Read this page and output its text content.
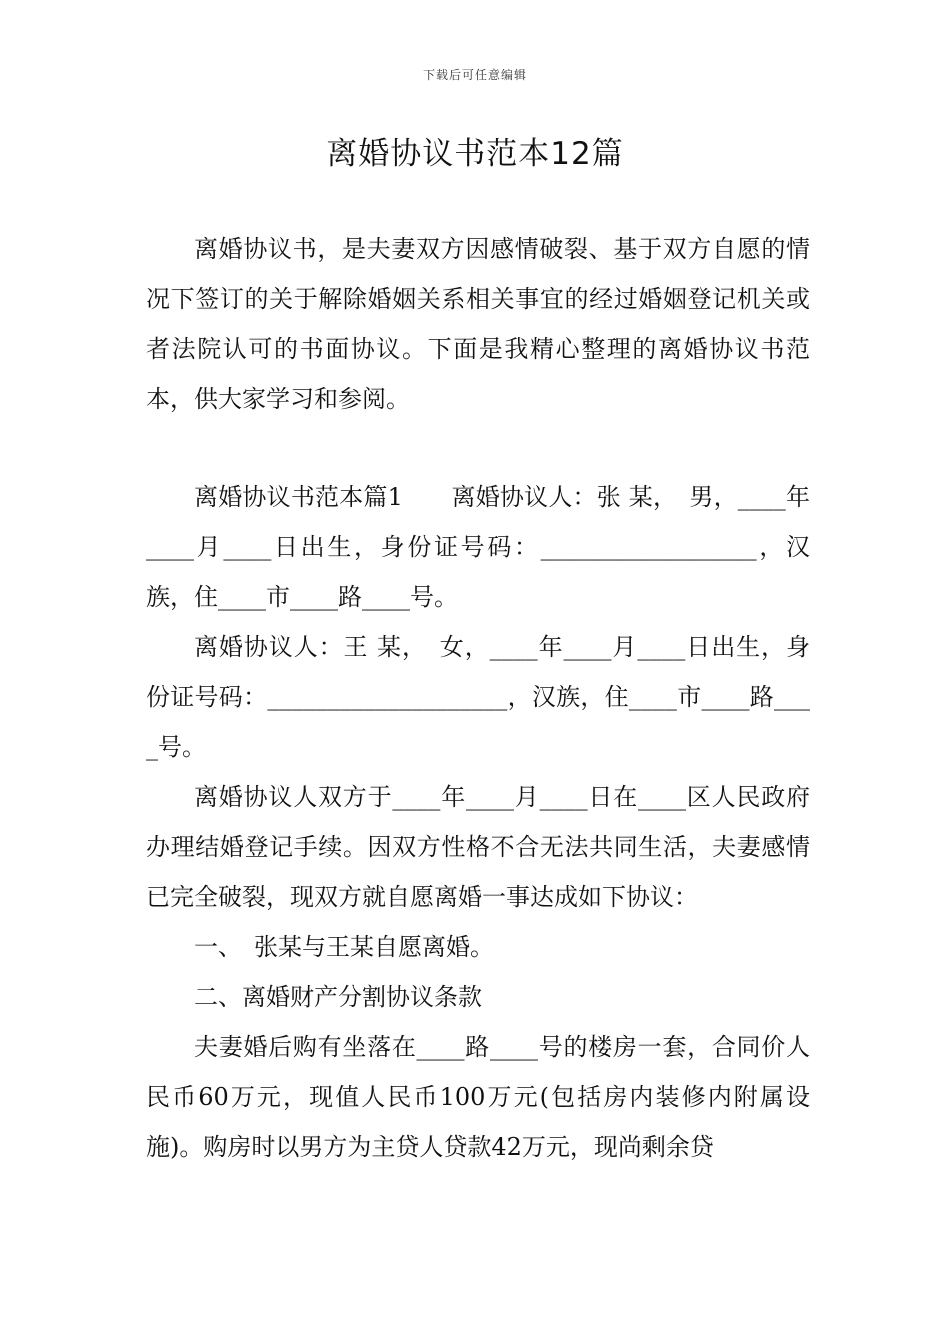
下载后可任意编辑
离婚协议书范本12篇

离婚协议书，是夫妻双方因感情破裂、基于双方自愿的情况下签订的关于解除婚姻关系相关事宜的经过婚姻登记机关或者法院认可的书面协议。下面是我精心整理的离婚协议书范本，供大家学习和参阅。

离婚协议书范本篇1　　离婚协议人：张 某，　男，____年____月____日出生，身份证号码：__________________，汉族，住____市____路____号。

离婚协议人：王 某，　女，____年____月____日出生，身份证号码：____________________，汉族，住____市____路____号。

离婚协议人双方于____年____月____日在____区人民政府办理结婚登记手续。因双方性格不合无法共同生活，夫妻感情已完全破裂，现双方就自愿离婚一事达成如下协议：

一、　张某与王某自愿离婚。

二、离婚财产分割协议条款

夫妻婚后购有坐落在____路____号的楼房一套，合同价人民币60万元，现值人民币100万元(包括房内装修内附属设施)。购房时以男方为主贷人贷款42万元，现尚剩余贷
